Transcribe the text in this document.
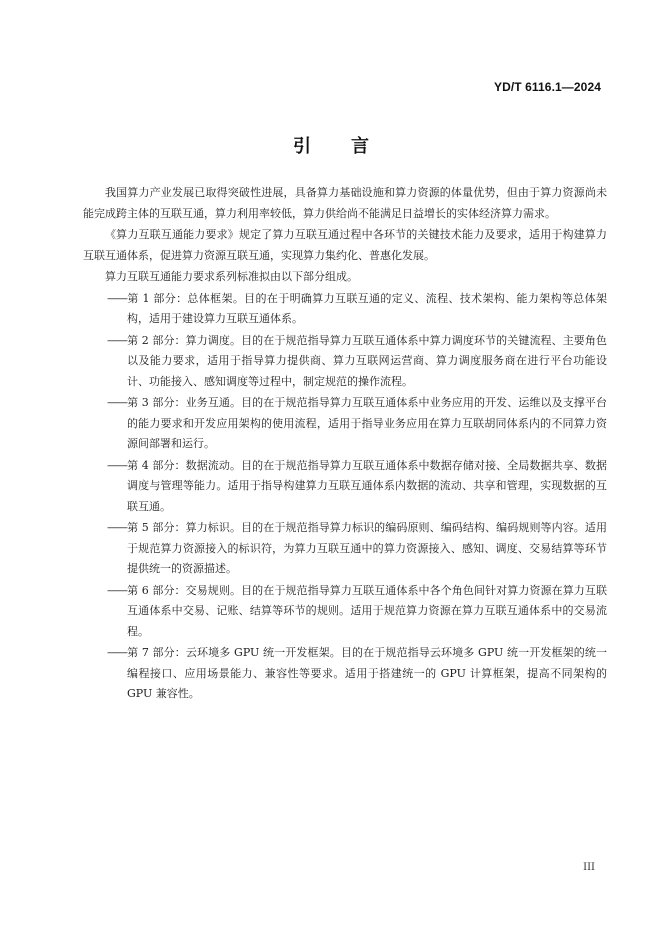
YD/T 6116.1—2024
引言

我国算力产业发展已取得突破性进展，具备算力基础设施和算力资源的体量优势，但由于算力资源尚未能完成跨主体的互联互通，算力利用率较低，算力供给尚不能满足日益增长的实体经济算力需求。

《算力互联互通能力要求》规定了算力互联互通过程中各环节的关键技术能力及要求，适用于构建算力互联互通体系，促进算力资源互联互通，实现算力集约化、普惠化发展。

算力互联互通能力要求系列标准拟由以下部分组成。

——第 1 部分：总体框架。目的在于明确算力互联互通的定义、流程、技术架构、能力架构等总体架构，适用于建设算力互联互通体系。

——第 2 部分：算力调度。目的在于规范指导算力互联互通体系中算力调度环节的关键流程、主要角色以及能力要求，适用于指导算力提供商、算力互联网运营商、算力调度服务商在进行平台功能设计、功能接入、感知调度等过程中，制定规范的操作流程。

——第 3 部分：业务互通。目的在于规范指导算力互联互通体系中业务应用的开发、运维以及支撑平台的能力要求和开发应用架构的使用流程，适用于指导业务应用在算力互联胡同体系内的不同算力资源间部署和运行。

——第 4 部分：数据流动。目的在于规范指导算力互联互通体系中数据存储对接、全局数据共享、数据调度与管理等能力。适用于指导构建算力互联互通体系内数据的流动、共享和管理，实现数据的互联互通。

——第 5 部分：算力标识。目的在于规范指导算力标识的编码原则、编码结构、编码规则等内容。适用于规范算力资源接入的标识符，为算力互联互通中的算力资源接入、感知、调度、交易结算等环节提供统一的资源描述。

——第 6 部分：交易规则。目的在于规范指导算力互联互通体系中各个角色间针对算力资源在算力互联互通体系中交易、记账、结算等环节的规则。适用于规范算力资源在算力互联互通体系中的交易流程。

——第 7 部分：云环境多 GPU 统一开发框架。目的在于规范指导云环境多 GPU 统一开发框架的统一编程接口、应用场景能力、兼容性等要求。适用于搭建统一的 GPU 计算框架，提高不同架构的 GPU 兼容性。

III
